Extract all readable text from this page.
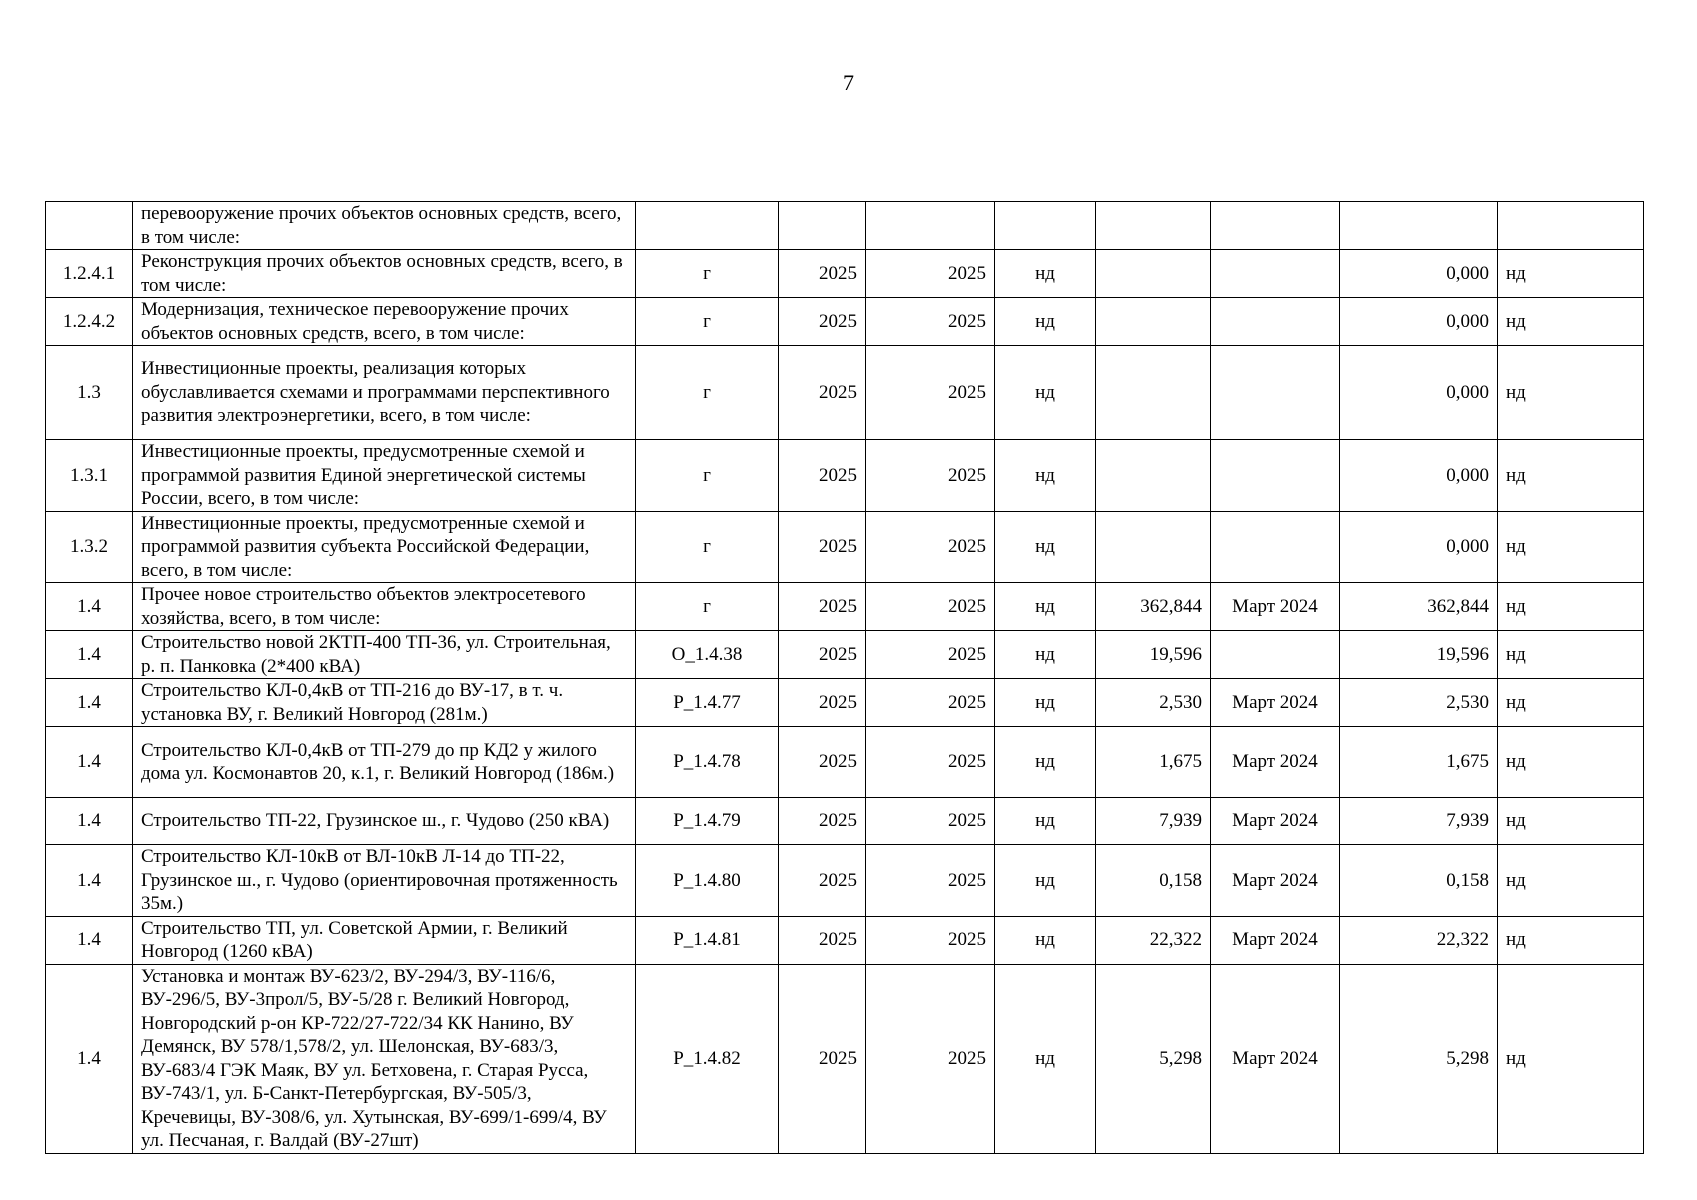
7
	перевооружение прочих объектов основных средств, всего, в том числе:								
1.2.4.1	Реконструкция прочих объектов основных средств, всего, в том числе:	г	2025	2025	нд			0,000	нд
1.2.4.2	Модернизация, техническое перевооружение прочих объектов основных средств, всего, в том числе:	г	2025	2025	нд			0,000	нд
1.3	Инвестиционные проекты, реализация которых обуславливается схемами и программами перспективного развития электроэнергетики, всего, в том числе:	г	2025	2025	нд			0,000	нд
1.3.1	Инвестиционные проекты, предусмотренные схемой и программой развития Единой энергетической системы России, всего, в том числе:	г	2025	2025	нд			0,000	нд
1.3.2	Инвестиционные проекты, предусмотренные схемой и программой развития субъекта Российской Федерации, всего, в том числе:	г	2025	2025	нд			0,000	нд
1.4	Прочее новое строительство объектов электросетевого хозяйства, всего, в том числе:	г	2025	2025	нд	362,844	Март 2024	362,844	нд
1.4	Строительство новой 2КТП-400 ТП-36, ул. Строительная, р. п. Панковка (2*400 кВА)	О_1.4.38	2025	2025	нд	19,596		19,596	нд
1.4	Строительство КЛ-0,4кВ от ТП-216 до ВУ-17, в т. ч. установка ВУ, г. Великий Новгород (281м.)	Р_1.4.77	2025	2025	нд	2,530	Март 2024	2,530	нд
1.4	Строительство КЛ-0,4кВ от ТП-279 до пр КД2 у жилого дома ул. Космонавтов 20, к.1, г. Великий Новгород (186м.)	Р_1.4.78	2025	2025	нд	1,675	Март 2024	1,675	нд
1.4	Строительство ТП-22, Грузинское ш., г. Чудово (250 кВА)	Р_1.4.79	2025	2025	нд	7,939	Март 2024	7,939	нд
1.4	Строительство КЛ-10кВ от ВЛ-10кВ Л-14 до ТП-22, Грузинское ш., г. Чудово (ориентировочная протяженность 35м.)	Р_1.4.80	2025	2025	нд	0,158	Март 2024	0,158	нд
1.4	Строительство ТП, ул. Советской Армии, г. Великий Новгород (1260 кВА)	Р_1.4.81	2025	2025	нд	22,322	Март 2024	22,322	нд
1.4	Установка и монтаж ВУ-623/2, ВУ-294/3, ВУ-116/6, ВУ-296/5, ВУ-3прол/5, ВУ-5/28 г. Великий Новгород, Новгородский р-он КР-722/27-722/34 КК Нанино, ВУ Демянск, ВУ 578/1,578/2, ул. Шелонская, ВУ-683/3, ВУ-683/4 ГЭК Маяк, ВУ ул. Бетховена, г. Старая Русса, ВУ-743/1, ул. Б-Санкт-Петербургская, ВУ-505/3, Кречевицы, ВУ-308/6, ул. Хутынская, ВУ-699/1-699/4, ВУ ул. Песчаная, г. Валдай (ВУ-27шт)	Р_1.4.82	2025	2025	нд	5,298	Март 2024	5,298	нд
